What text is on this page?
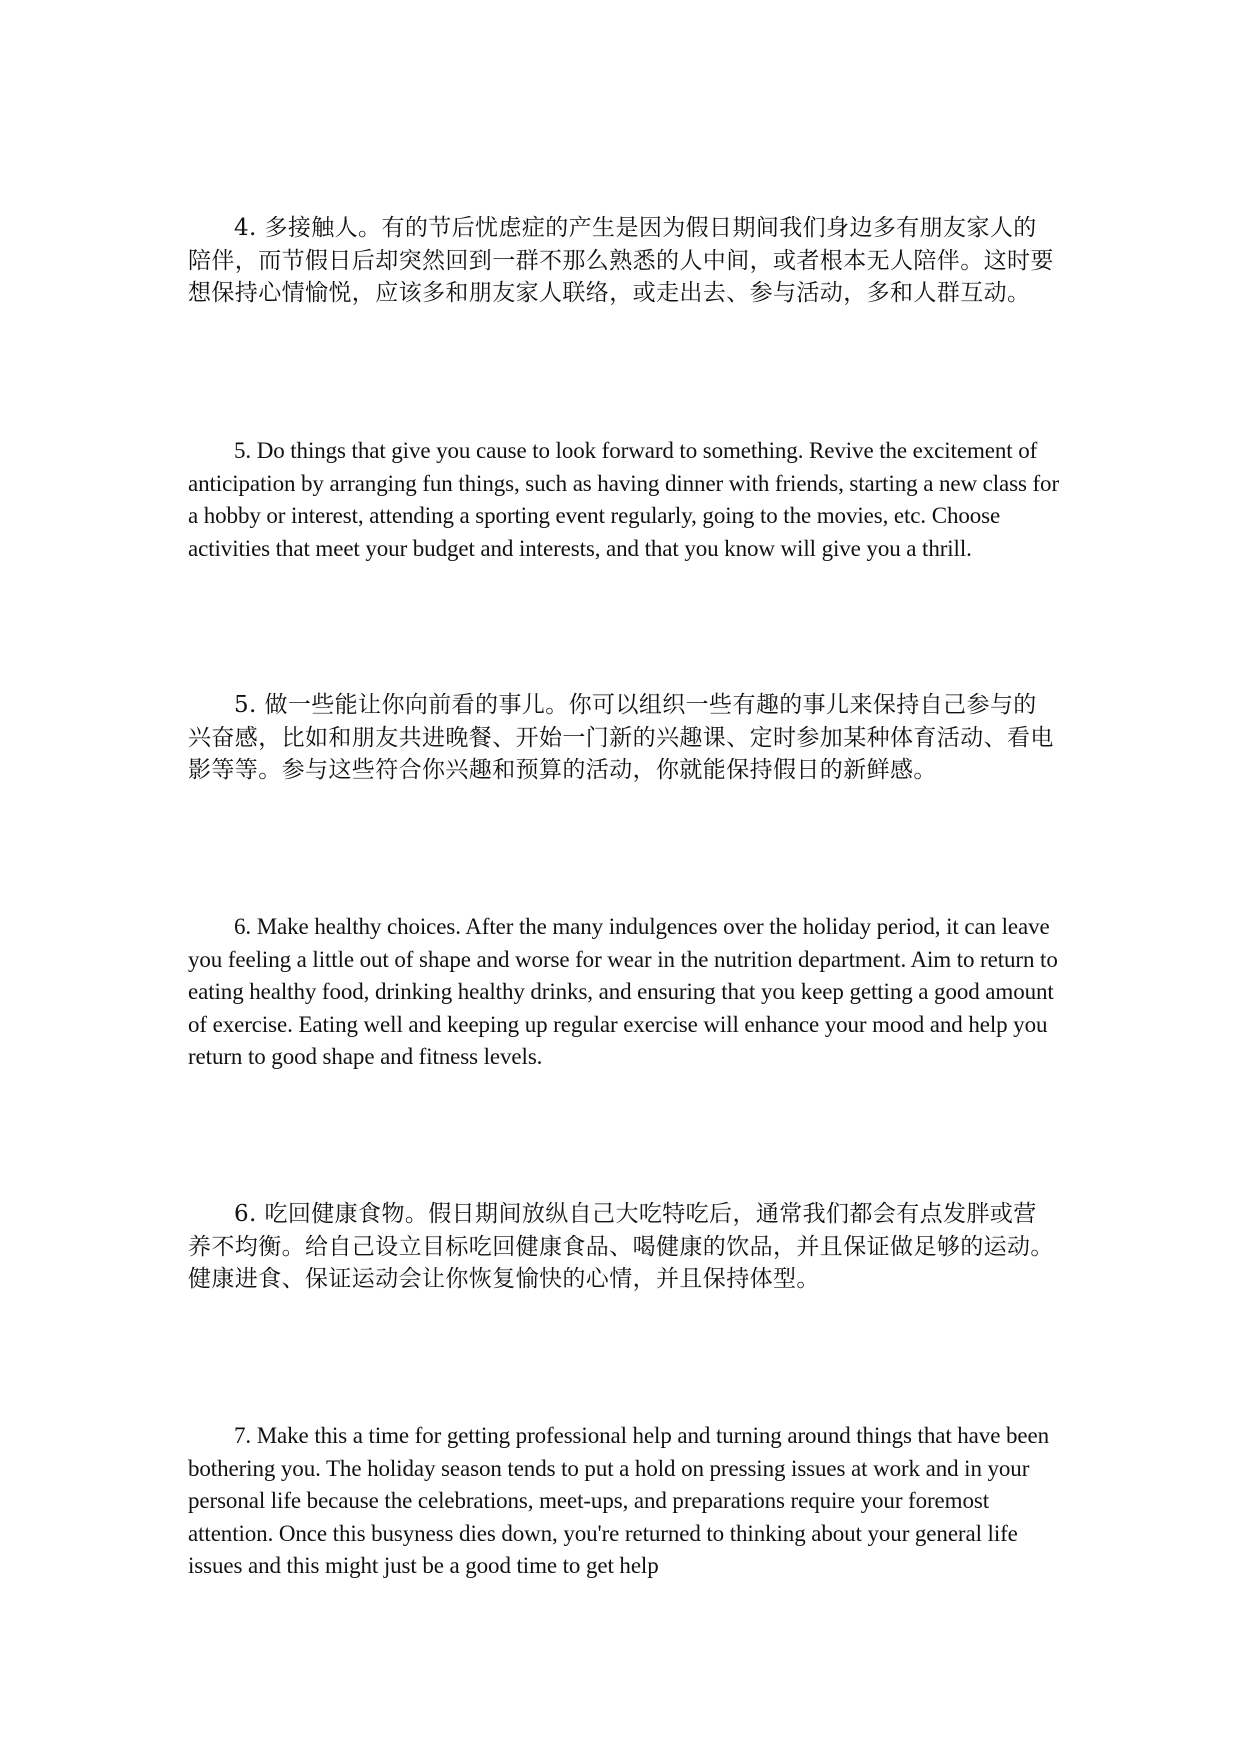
4. 多接触人。有的节后忧虑症的产生是因为假日期间我们身边多有朋友家人的陪伴，而节假日后却突然回到一群不那么熟悉的人中间，或者根本无人陪伴。这时要想保持心情愉悦，应该多和朋友家人联络，或走出去、参与活动，多和人群互动。

5. Do things that give you cause to look forward to something. Revive the excitement of anticipation by arranging fun things, such as having dinner with friends, starting a new class for a hobby or interest, attending a sporting event regularly, going to the movies, etc. Choose activities that meet your budget and interests, and that you know will give you a thrill.

5. 做一些能让你向前看的事儿。你可以组织一些有趣的事儿来保持自己参与的兴奋感，比如和朋友共进晚餐、开始一门新的兴趣课、定时参加某种体育活动、看电影等等。参与这些符合你兴趣和预算的活动，你就能保持假日的新鲜感。

6. Make healthy choices. After the many indulgences over the holiday period, it can leave you feeling a little out of shape and worse for wear in the nutrition department. Aim to return to eating healthy food, drinking healthy drinks, and ensuring that you keep getting a good amount of exercise. Eating well and keeping up regular exercise will enhance your mood and help you return to good shape and fitness levels.

6. 吃回健康食物。假日期间放纵自己大吃特吃后，通常我们都会有点发胖或营养不均衡。给自己设立目标吃回健康食品、喝健康的饮品，并且保证做足够的运动。健康进食、保证运动会让你恢复愉快的心情，并且保持体型。

7. Make this a time for getting professional help and turning around things that have been bothering you. The holiday season tends to put a hold on pressing issues at work and in your personal life because the celebrations, meet-ups, and preparations require your foremost attention. Once this busyness dies down, you're returned to thinking about your general life issues and this might just be a good time to get help
